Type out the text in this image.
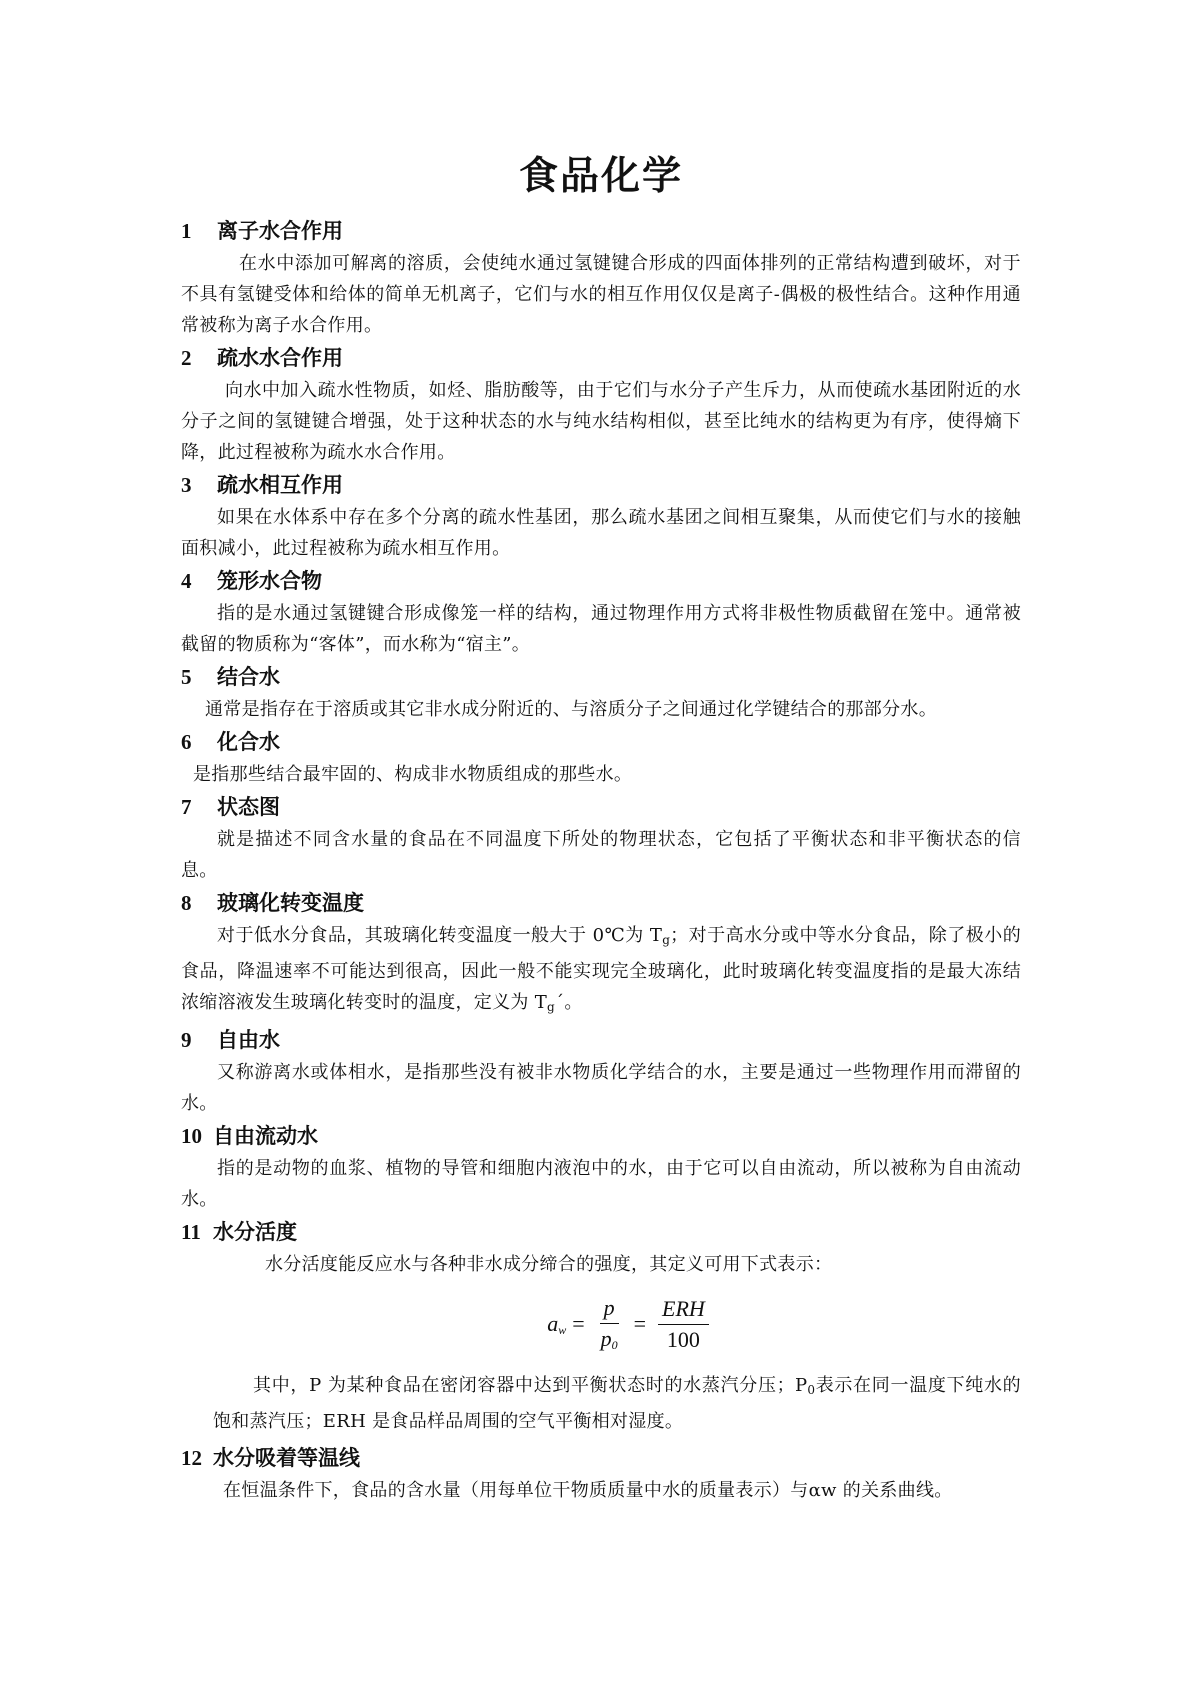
食品化学
1 离子水合作用

在水中添加可解离的溶质，会使纯水通过氢键键合形成的四面体排列的正常结构遭到破坏，对于不具有氢键受体和给体的简单无机离子，它们与水的相互作用仅仅是离子-偶极的极性结合。这种作用通常被称为离子水合作用。

2 疏水水合作用

向水中加入疏水性物质，如烃、脂肪酸等，由于它们与水分子产生斥力，从而使疏水基团附近的水分子之间的氢键键合增强，处于这种状态的水与纯水结构相似，甚至比纯水的结构更为有序，使得熵下降，此过程被称为疏水水合作用。

3 疏水相互作用

如果在水体系中存在多个分离的疏水性基团，那么疏水基团之间相互聚集，从而使它们与水的接触面积减小，此过程被称为疏水相互作用。

4 笼形水合物

指的是水通过氢键键合形成像笼一样的结构，通过物理作用方式将非极性物质截留在笼中。通常被截留的物质称为“客体”，而水称为“宿主”。

5 结合水

通常是指存在于溶质或其它非水成分附近的、与溶质分子之间通过化学键结合的那部分水。

6 化合水

是指那些结合最牢固的、构成非水物质组成的那些水。

7 状态图

就是描述不同含水量的食品在不同温度下所处的物理状态，它包括了平衡状态和非平衡状态的信息。

8 玻璃化转变温度

对于低水分食品，其玻璃化转变温度一般大于 0℃为 $T_g$；对于高水分或中等水分食品，除了极小的食品，降温速率不可能达到很高，因此一般不能实现完全玻璃化，此时玻璃化转变温度指的是最大冻结浓缩溶液发生玻璃化转变时的温度，定义为 $T_g´$。

9 自由水

又称游离水或体相水，是指那些没有被非水物质化学结合的水，主要是通过一些物理作用而滞留的水。

10 自由流动水

指的是动物的血浆、植物的导管和细胞内液泡中的水，由于它可以自由流动，所以被称为自由流动水。

11 水分活度

水分活度能反应水与各种非水成分缔合的强度，其定义可用下式表示：

$a_w = \frac{p}{p_0} = \frac{\text{ERH}}{100}$

其中，P 为某种食品在密闭容器中达到平衡状态时的水蒸汽分压；$P_0$表示在同一温度下纯水的饱和蒸汽压；ERH 是食品样品周围的空气平衡相对湿度。

12 水分吸着等温线

在恒温条件下，食品的含水量（用每单位干物质质量中水的质量表示）与αw 的关系曲线。
